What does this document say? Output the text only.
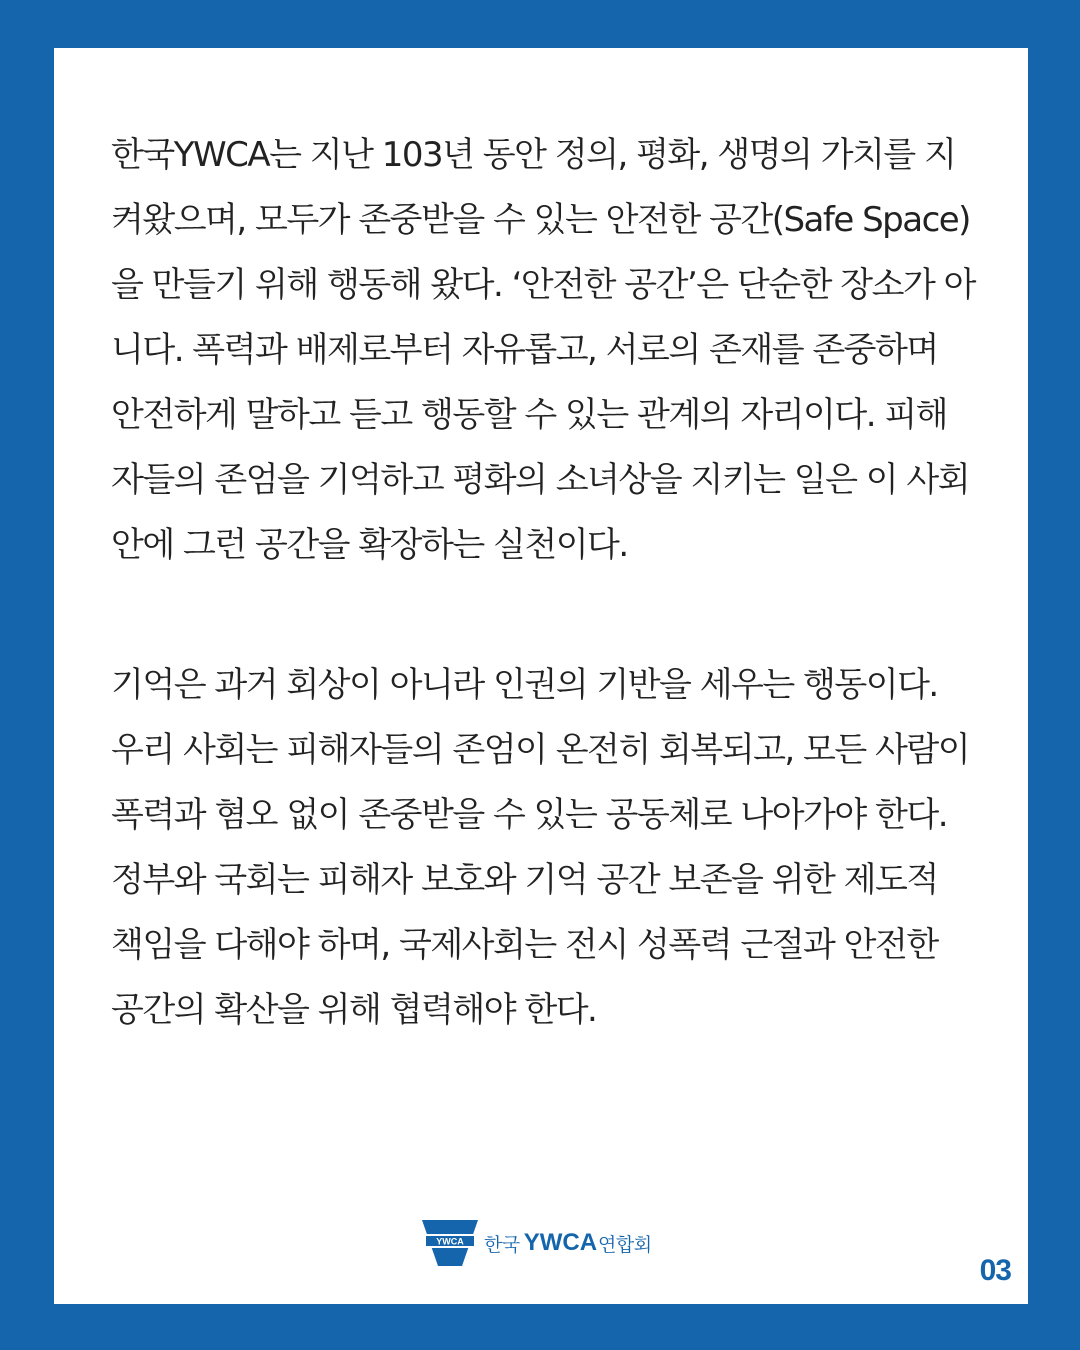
한국YWCA는 지난 103년 동안 정의, 평화, 생명의 가치를 지
켜왔으며, 모두가 존중받을 수 있는 안전한 공간(Safe Space)
을 만들기 위해 행동해 왔다. ‘안전한 공간’은 단순한 장소가 아
니다. 폭력과 배제로부터 자유롭고, 서로의 존재를 존중하며
안전하게 말하고 듣고 행동할 수 있는 관계의 자리이다. 피해
자들의 존엄을 기억하고 평화의 소녀상을 지키는 일은 이 사회
안에 그런 공간을 확장하는 실천이다.
기억은 과거 회상이 아니라 인권의 기반을 세우는 행동이다.
우리 사회는 피해자들의 존엄이 온전히 회복되고, 모든 사람이
폭력과 혐오 없이 존중받을 수 있는 공동체로 나아가야 한다.
정부와 국회는 피해자 보호와 기억 공간 보존을 위한 제도적
책임을 다해야 하며, 국제사회는 전시 성폭력 근절과 안전한
공간의 확산을 위해 협력해야 한다.
YWCA 한국 YWCA 연합회
03
